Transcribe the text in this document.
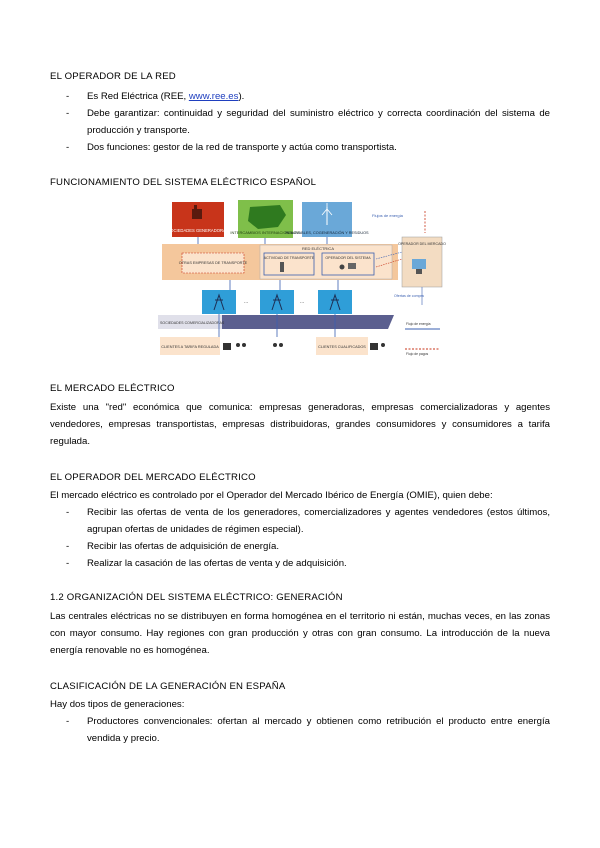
EL OPERADOR DE LA RED
- Es Red Eléctrica (REE, www.ree.es).
- Debe garantizar: continuidad y seguridad del suministro eléctrico y correcta coordinación del sistema de producción y transporte.
- Dos funciones: gestor de la red de transporte y actúa como transportista.
FUNCIONAMIENTO DEL SISTEMA ELÉCTRICO ESPAÑOL
SOCIEDADES GENERADORAS INTERCAMBIOS INTERNACIONALES
RENOVABLES, COGENERACIÓN Y RESIDUOS
Flujos de energía
RED ELÉCTRICA
OTRAS EMPRESAS DE TRANSPORTE
ACTIVIDAD DE TRANSPORTE	OPERADOR DEL SISTEMA
OPERADOR DEL MERCADO
Ofertas de compra
...	...
SOCIEDADES COMERCIALIZADORAS
CLIENTES A TARIFA REGULADA	CLIENTES CUALIFICADOS
Flujo de energía
Flujo de pagos
EL MERCADO ELÉCTRICO
Existe una "red" económica que comunica: empresas generadoras, empresas comercializadoras y agentes vendedores, empresas transportistas, empresas distribuidoras, grandes consumidores y consumidores a tarifa regulada.
EL OPERADOR DEL MERCADO ELÉCTRICO
El mercado eléctrico es controlado por el Operador del Mercado Ibérico de Energía (OMIE), quien debe:
- Recibir las ofertas de venta de los generadores, comercializadores y agentes vendedores (estos últimos, agrupan ofertas de unidades de régimen especial).
- Recibir las ofertas de adquisición de energía.
- Realizar la casación de las ofertas de venta y de adquisición.
1.2 ORGANIZACIÓN DEL SISTEMA ELÉCTRICO: GENERACIÓN
Las centrales eléctricas no se distribuyen en forma homogénea en el territorio ni están, muchas veces, en las zonas con mayor consumo. Hay regiones con gran producción y otras con gran consumo. La introducción de la nueva energía renovable no es homogénea.
CLASIFICACIÓN DE LA GENERACIÓN EN ESPAÑA
Hay dos tipos de generaciones:
- Productores convencionales: ofertan al mercado y obtienen como retribución el producto entre energía vendida y precio.
